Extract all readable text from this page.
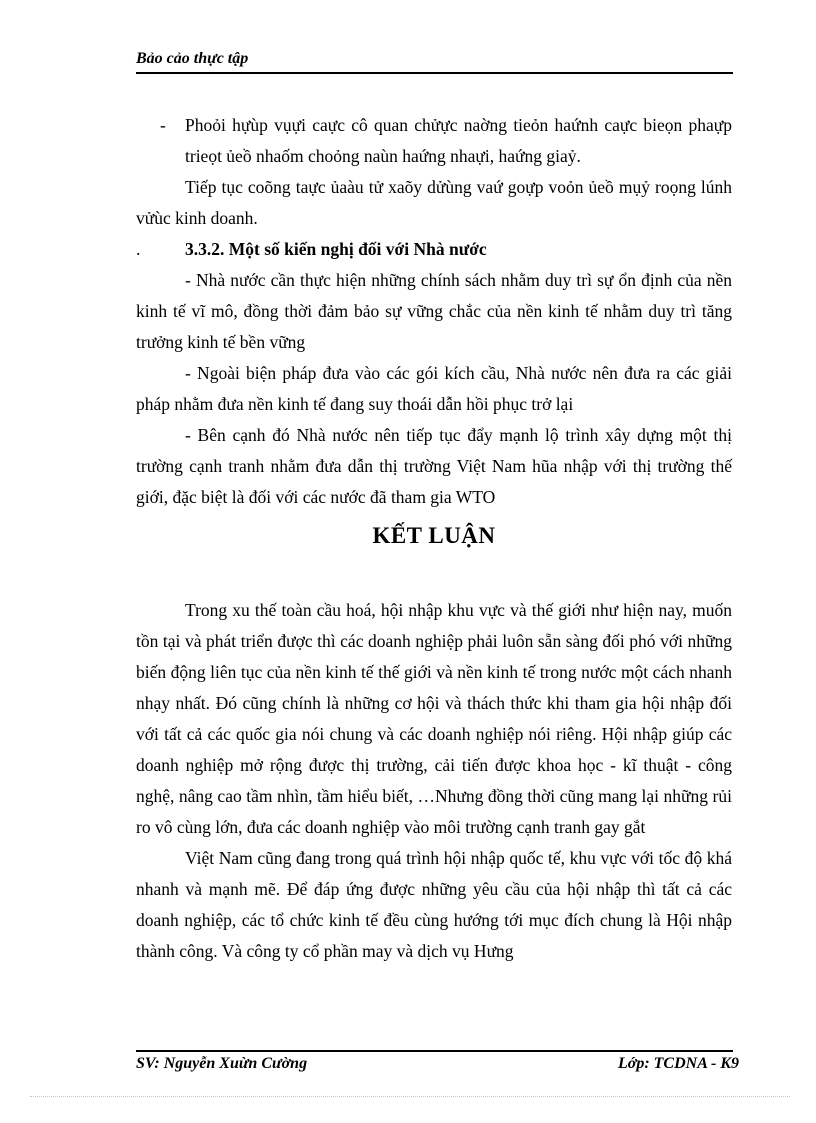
Bảo cảo thực tập

- Phoỏi hựùp vụựi caực cô quan chửực naờng tieỏn haứnh caực bieọn phaựp trieọt ủeồ nhaốm choỏng naùn haứng nhaựi, haứng giaỷ.

Tiếp tục coõng taực ủaàu tử xaõy dửùng vaứ goựp voỏn ủeồ mụỷ roọng lúnh vửùc kinh doanh.

.	3.3.2. Một số kiến nghị đối với Nhà nước

- Nhà nước cần thực hiện những chính sách nhằm duy trì sự ổn định của nền kinh tế vĩ mô, đồng thời đảm bảo sự vững chắc của nền kinh tế nhằm duy trì tăng trưởng kinh tế bền vững

- Ngoài biện pháp đưa vào các gói kích cầu, Nhà nước nên đưa ra các giải pháp nhằm đưa nền kinh tế đang suy thoái dẫn hồi phục trở lại

- Bên cạnh đó Nhà nước nên tiếp tục đẩy mạnh lộ trình xây dựng một thị trường cạnh tranh nhằm đưa dẫn thị trường Việt Nam hũa nhập với thị trường thế giới, đặc biệt là đối với các nước đã tham gia WTO

KẾT LUẬN

Trong xu thế toàn cầu hoá, hội nhập khu vực và thế giới như hiện nay, muốn tồn tại và phát triển được thì các doanh nghiệp phải luôn sẵn sàng đối phó với những biến động liên tục của nền kinh tế thế giới và nền kinh tế trong nước một cách nhanh nhạy nhất. Đó cũng chính là những cơ hội và thách thức khi tham gia hội nhập đối với tất cả các quốc gia nói chung và các doanh nghiệp nói riêng. Hội nhập giúp các doanh nghiệp mở rộng được thị trường, cải tiến được khoa học - kĩ thuật - công nghệ, nâng cao tầm nhìn, tầm hiểu biết, …Nhưng đồng thời cũng mang lại những rủi ro vô cùng lớn, đưa các doanh nghiệp vào môi trường cạnh tranh gay gắt

Việt Nam cũng đang trong quá trình hội nhập quốc tế, khu vực với tốc độ khá nhanh và mạnh mẽ. Để đáp ứng được những yêu cầu của hội nhập thì tất cả các doanh nghiệp, các tổ chức kinh tế đều cùng hướng tới mục đích chung là Hội nhập thành công. Và công ty cổ phần may và dịch vụ Hưng

SV: Nguyễn Xuừn Cường	Lớp: TCDNA - K9
